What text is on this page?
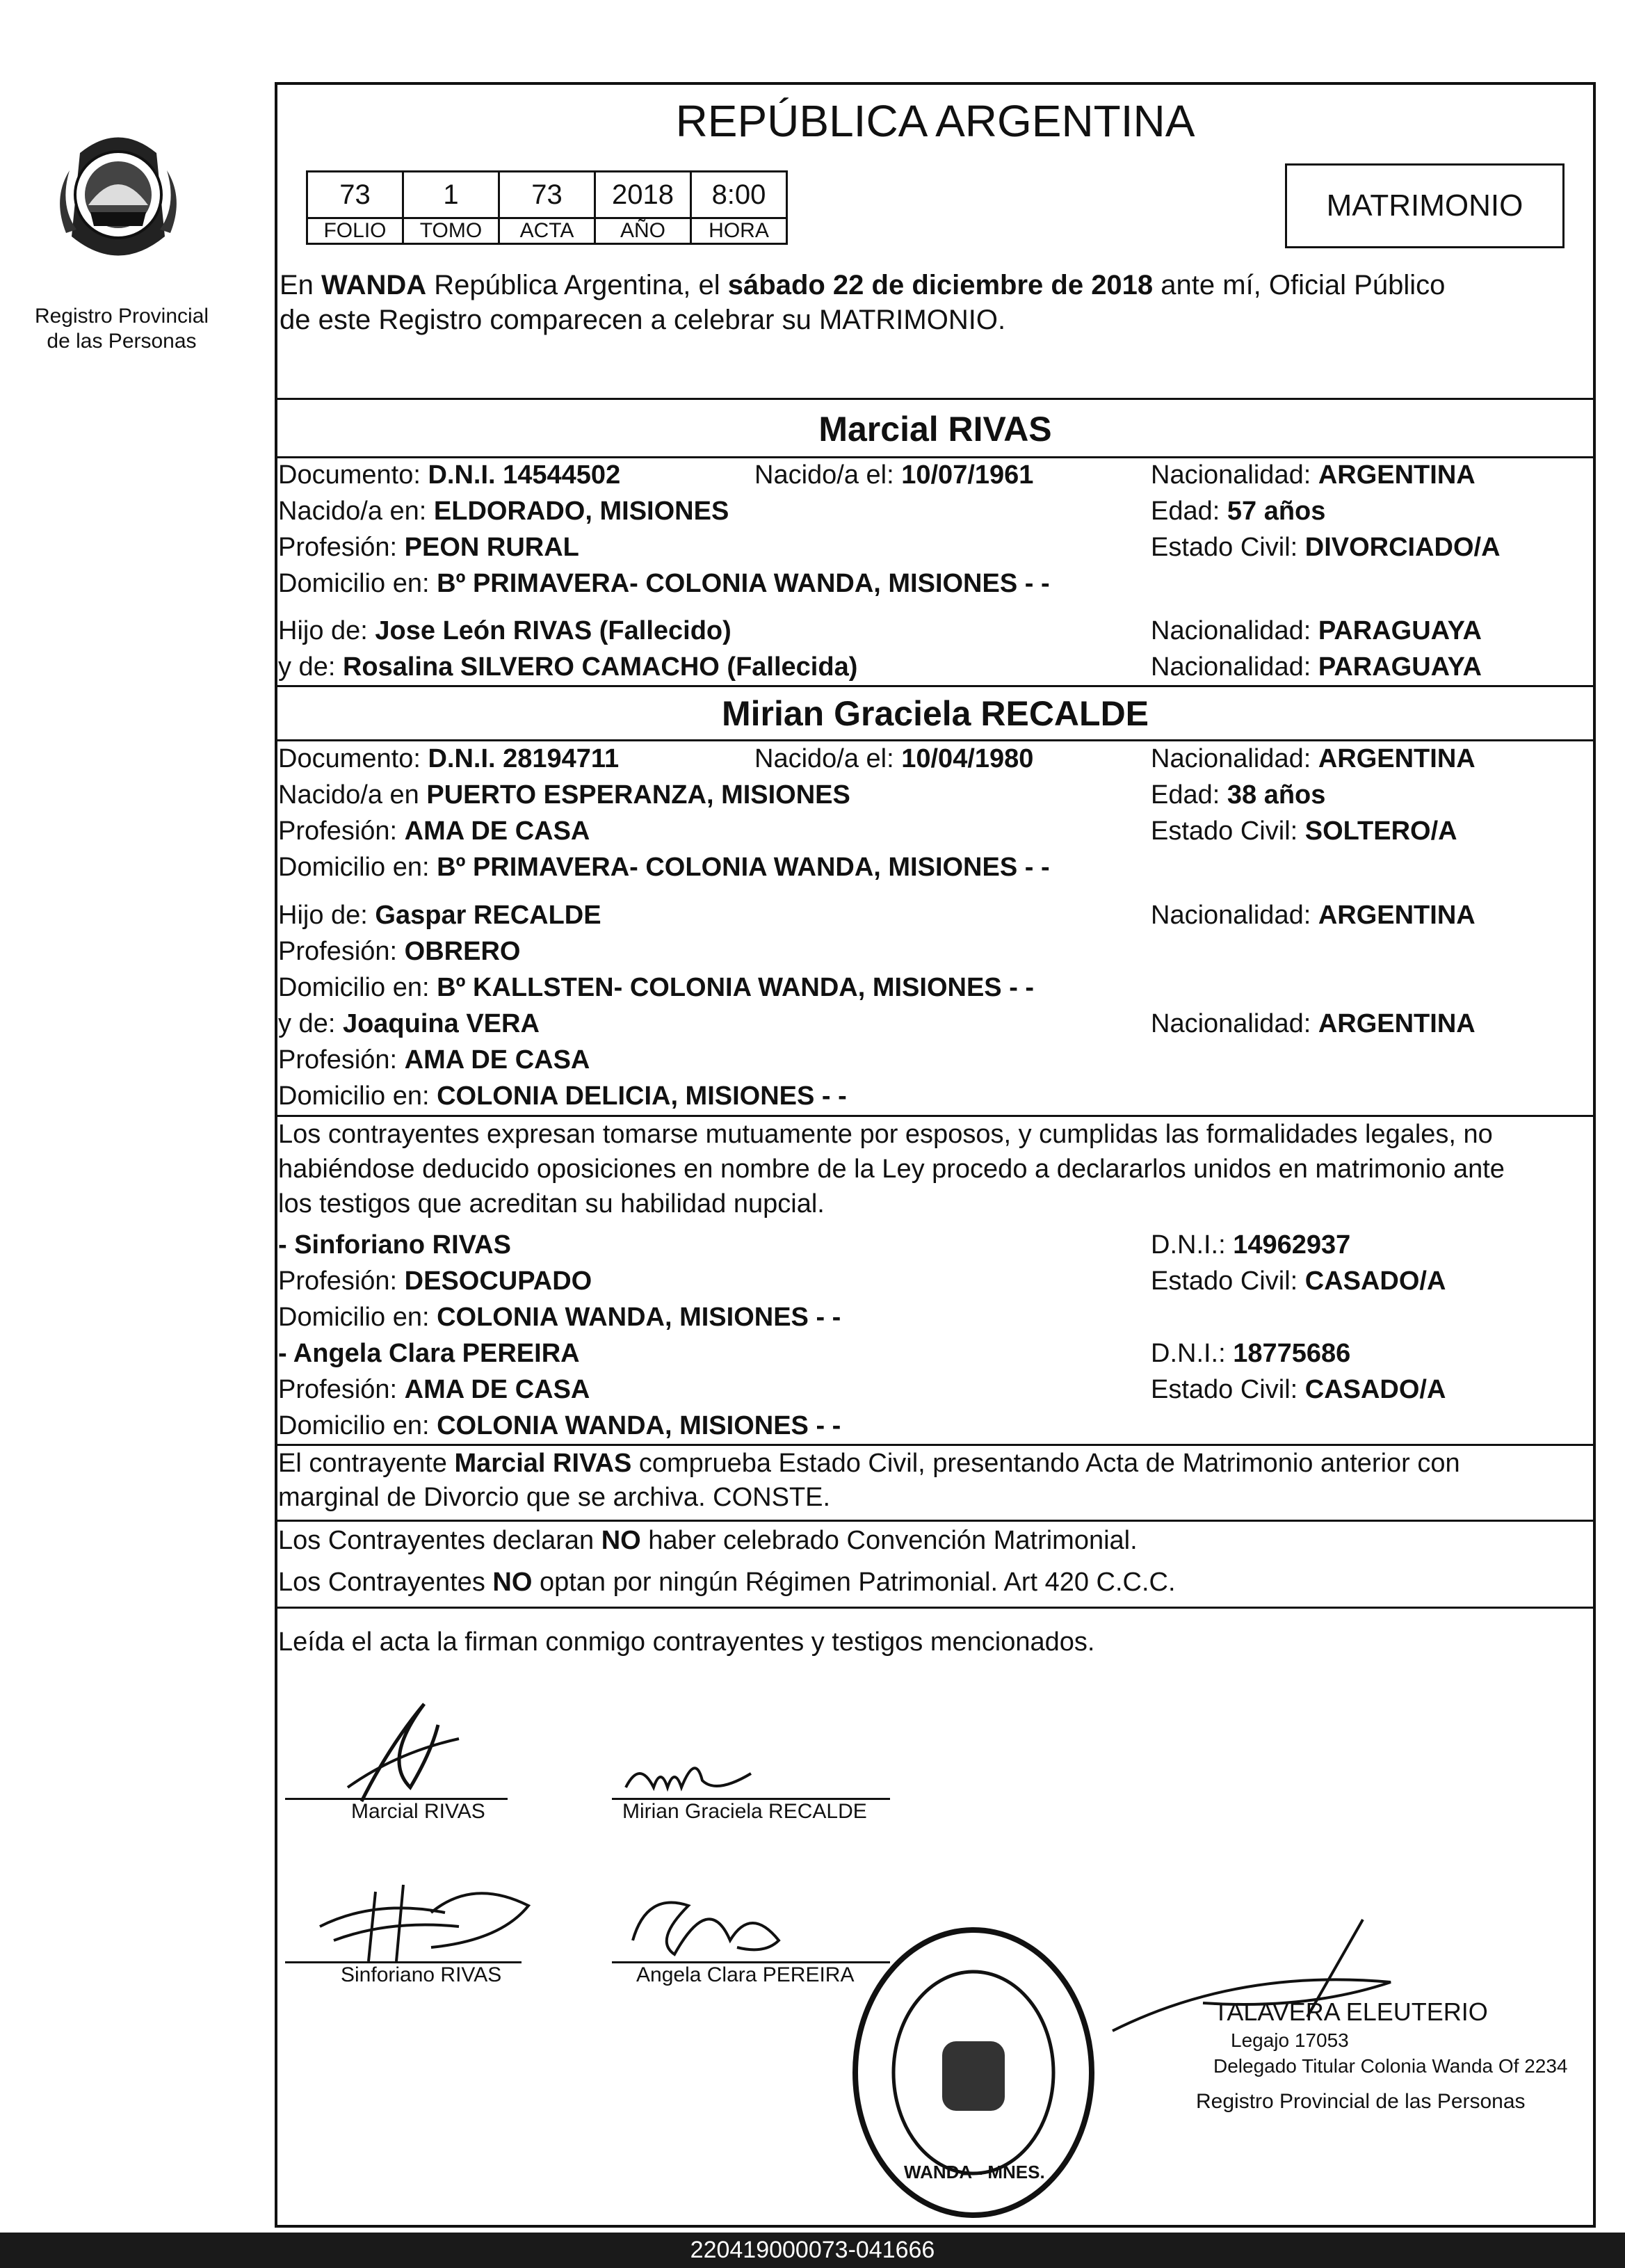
Registro Provincial
de las Personas
REPÚBLICA ARGENTINA
73	1	73	2018	8:00
FOLIO	TOMO	ACTA	AÑO	HORA
MATRIMONIO
En WANDA República Argentina, el sábado 22 de diciembre de 2018 ante mí, Oficial Público
de este Registro comparecen a celebrar su MATRIMONIO.
Marcial RIVAS
Documento: D.N.I. 14544502	Nacido/a el: 10/07/1961	Nacionalidad: ARGENTINA
Nacido/a en: ELDORADO, MISIONES	Edad: 57 años
Profesión: PEON RURAL	Estado Civil: DIVORCIADO/A
Domicilio en: Bº PRIMAVERA- COLONIA WANDA, MISIONES - -
Hijo de: Jose León RIVAS (Fallecido)	Nacionalidad: PARAGUAYA
y de: Rosalina SILVERO CAMACHO (Fallecida)	Nacionalidad: PARAGUAYA
Mirian Graciela RECALDE
Documento: D.N.I. 28194711	Nacido/a el: 10/04/1980	Nacionalidad: ARGENTINA
Nacido/a en PUERTO ESPERANZA, MISIONES	Edad: 38 años
Profesión: AMA DE CASA	Estado Civil: SOLTERO/A
Domicilio en: Bº PRIMAVERA- COLONIA WANDA, MISIONES - -
Hijo de: Gaspar RECALDE	Nacionalidad: ARGENTINA
Profesión: OBRERO
Domicilio en: Bº KALLSTEN- COLONIA WANDA, MISIONES - -
y de: Joaquina VERA	Nacionalidad: ARGENTINA
Profesión: AMA DE CASA
Domicilio en: COLONIA DELICIA, MISIONES - -
Los contrayentes expresan tomarse mutuamente por esposos, y cumplidas las formalidades legales, no
habiéndose deducido oposiciones en nombre de la Ley procedo a declararlos unidos en matrimonio ante
los testigos que acreditan su habilidad nupcial.
- Sinforiano RIVAS	D.N.I.: 14962937
Profesión: DESOCUPADO	Estado Civil: CASADO/A
Domicilio en: COLONIA WANDA, MISIONES - -
- Angela Clara PEREIRA	D.N.I.: 18775686
Profesión: AMA DE CASA	Estado Civil: CASADO/A
Domicilio en: COLONIA WANDA, MISIONES - -
El contrayente Marcial RIVAS comprueba Estado Civil, presentando Acta de Matrimonio anterior con
marginal de Divorcio que se archiva. CONSTE.
Los Contrayentes declaran NO haber celebrado Convención Matrimonial.
Los Contrayentes NO optan por ningún Régimen Patrimonial. Art 420 C.C.C.
Leída el acta la firman conmigo contrayentes y testigos mencionados.
Marcial RIVAS	Mirian Graciela RECALDE
Sinforiano RIVAS	Angela Clara PEREIRA
WANDA - MNES.
TALAVERA ELEUTERIO
Legajo 17053
Delegado Titular Colonia Wanda Of 2234
Registro Provincial de las Personas
220419000073-041666
